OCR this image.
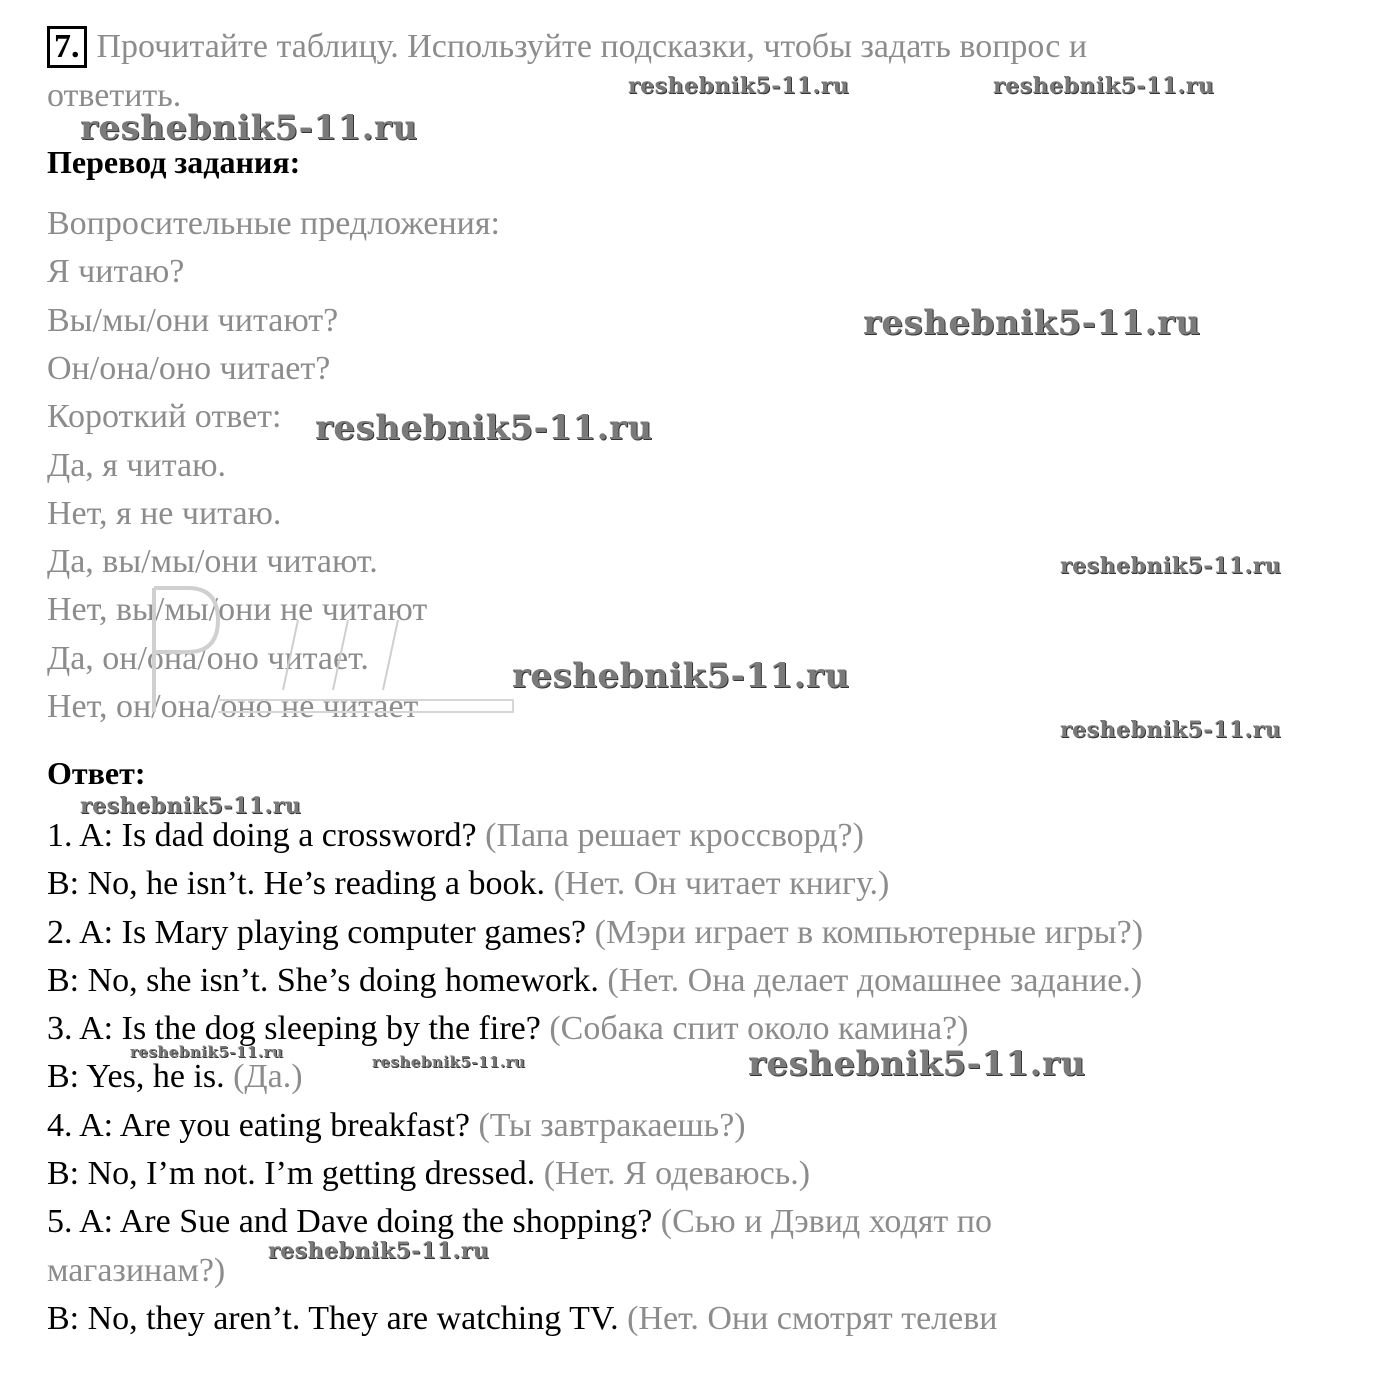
7. Прочитайте таблицу. Используйте подсказки, чтобы задать вопрос и
ответить.
Перевод задания:
Вопросительные предложения:
Я читаю?
Вы/мы/они читают?
Он/она/оно читает?
Короткий ответ:
Да, я читаю.
Нет, я не читаю.
Да, вы/мы/они читают.
Нет, вы/мы/они не читают
Да, он/она/оно читает.
Нет, он/она/оно не читает
Ответ:
1. A: Is dad doing a crossword? (Папа решает кроссворд?)
B: No, he isn’t. He’s reading a book. (Нет. Он читает книгу.)
2. A: Is Mary playing computer games? (Мэри играет в компьютерные игры?)
B: No, she isn’t. She’s doing homework. (Нет. Она делает домашнее задание.)
3. A: Is the dog sleeping by the fire? (Собака спит около камина?)
B: Yes, he is. (Да.)
4. A: Are you eating breakfast? (Ты завтракаешь?)
B: No, I’m not. I’m getting dressed. (Нет. Я одеваюсь.)
5. A: Are Sue and Dave doing the shopping? (Сью и Дэвид ходят по
магазинам?)
B: No, they aren’t. They are watching TV. (Нет. Они смотрят телеви
reshebnik5-11.ru	reshebnik5-11.ru
reshebnik5-11.ru
reshebnik5-11.ru
reshebnik5-11.ru
reshebnik5-11.ru
reshebnik5-11.ru
reshebnik5-11.ru
reshebnik5-11.ru
reshebnik5-11.ru
reshebnik5-11.ru	reshebnik5-11.ru
reshebnik5-11.ru
